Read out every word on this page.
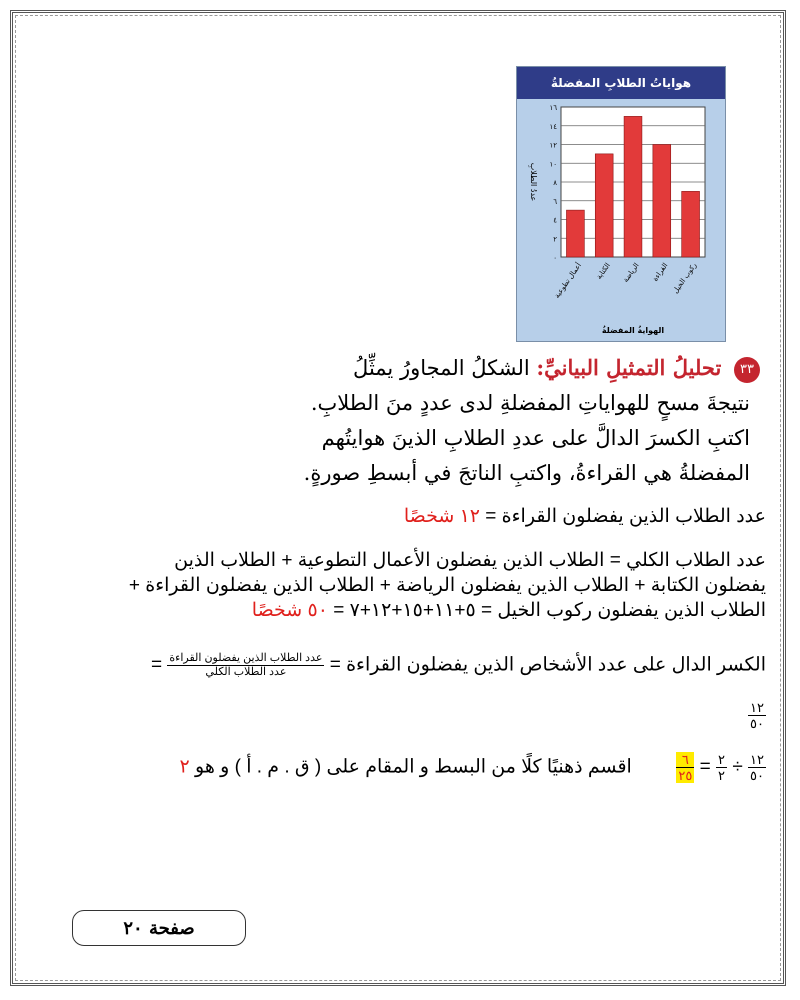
هواياتُ الطلابِ المفضلةُ
٠
٢
٤
٦
٨
١٠
١٢
١٤
١٦
أعمال تطوعية الكتابة الرياضة القراءة ركوب الخيل
عددُ الطلابِ
الهوايةُ المفضلةُ
٣٣ تحليلُ التمثيلِ البيانيِّ: الشكلُ المجاورُ يمثِّلُ
نتيجةَ مسحٍ للهواياتِ المفضلةِ لدى عددٍ منَ الطلابِ.
اكتبِ الكسرَ الدالَّ على عددِ الطلابِ الذينَ هوايتُهم
المفضلةُ هي القراءةُ، واكتبِ الناتجَ في أبسطِ صورةٍ.
عدد الطلاب الذين يفضلون القراءة = ١٢ شخصًا
عدد الطلاب الكلي = الطلاب الذين يفضلون الأعمال التطوعية + الطلاب الذين
يفضلون الكتابة + الطلاب الذين يفضلون الرياضة + الطلاب الذين يفضلون القراءة +
الطلاب الذين يفضلون ركوب الخيل = ٥+١١+١٥+١٢+٧ = ٥٠ شخصًا
الكسر الدال على عدد الأشخاص الذين يفضلون القراءة =
$\frac{\text{عدد الطلاب الذين يفضلون القراءة}}{\text{عدد الطلاب الكلي}}$
=
$\frac{١٢}{٥٠}$
$\frac{١٢}{٥٠}$
÷
$\frac{٢}{٢}$
=
$\frac{٦}{٢٥}$
اقسم ذهنيًا كلًا من البسط و المقام على ( ق . م . أ ) و هو ٢
صفحة ٢٠
